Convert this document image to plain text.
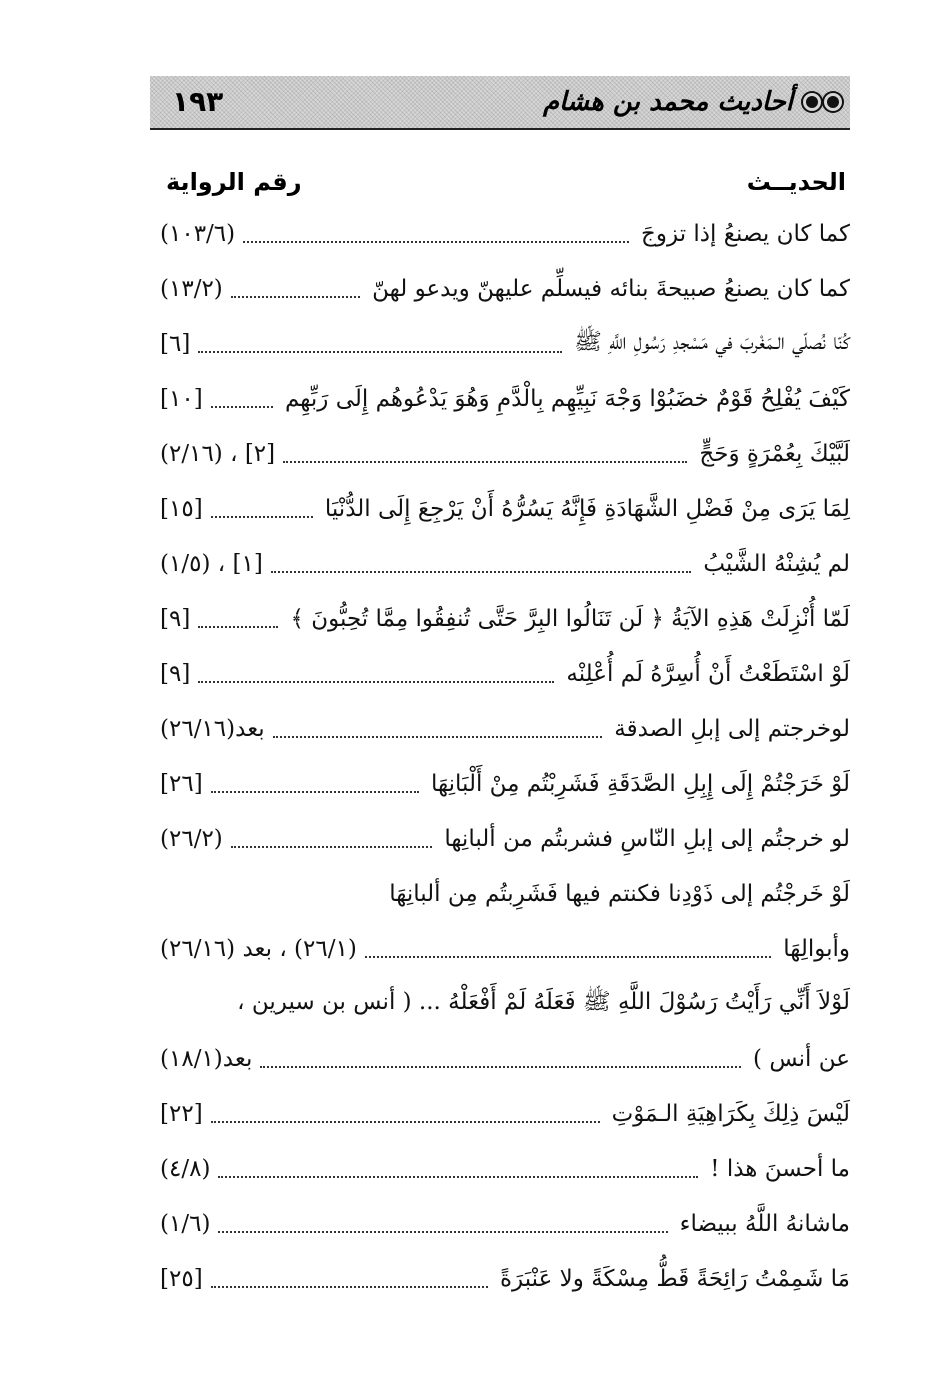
أحاديث محمد بن هشام
١٩٣
الحديــث
رقم الرواية
كما كان يصنعُ إذا تزوجَ
(١٠٣/٦)
كما كان يصنعُ صبيحةَ بنائه فيسلِّم عليهنّ ويدعو لهنّ
(١٣/٢)
كُنّا نُصلّي الـمَغْربَ في مَسْجدِ رَسُولِ اللَّهِ ﷺ
[٦]
كَيْفَ يُفْلِحُ قَوْمٌ خضَبُوْا وَجْهَ نَبِيِّهِم بِالْدَّمِ وَهُوَ يَدْعُوهُم إِلَى رَبِّهِم
[١٠]
لَبَّيْكَ بِعُمْرَةٍ وَحَجٍّ
[٢] ، (٢/١٦)
لِمَا يَرَى مِنْ فَضْلِ الشَّهَادَةِ فَإِنَّهُ يَسُرُّهُ أَنْ يَرْجِعَ إِلَى الدُّنْيَا
[١٥]
لم يُشِنْهُ الشَّيْبُ
[١] ، (١/٥)
لَمّا أُنْزِلَتْ هَذِهِ الآيَةُ ﴿ لَن تَنَالُوا البِرَّ حَتَّى تُنفِقُوا مِمَّا تُحِبُّونَ ﴾
[٩]
لَوْ اسْتَطَعْتُ أَنْ أُسِرَّهُ لَم أُعْلِنْه
[٩]
لوخرجتم إلى إبلِ الصدقة
بعد(٢٦/١٦)
لَوْ خَرَجْتُمْ إِلَى إِبِلِ الصَّدَقَةِ فَشَرِبْتُم مِنْ أَلْبَانِهَا
[٢٦]
لو خرجتُم إلى إبلِ النّاسِ فشربتُم من ألبانِها
(٢٦/٢)
لَوْ خَرجْتُم إلى ذَوْدِنا فكنتم فيها فَشَرِبتُم مِن ألبانِهَا
وأبوالِهَا
(٢٦/١) ، بعد (٢٦/١٦)
لَوْلاَ أَنِّي رَأَيْتُ رَسُوْلَ اللَّهِ ﷺ فَعَلَهُ لَمْ أَفْعَلْهُ ... ( أنس بن سيرين ،
عن أنس )
بعد(١٨/١)
لَيْسَ ذِلِكَ بِكَرَاهِيَةِ الـمَوْتِ
[٢٢]
ما أحسنَ هذا !
(٤/٨)
ماشانهُ اللَّهُ ببيضاء
(١/٦)
مَا شَمِمْتُ رَائِحَةً قَطُّ مِسْكَةً ولا عَنْبَرَةً
[٢٥]
